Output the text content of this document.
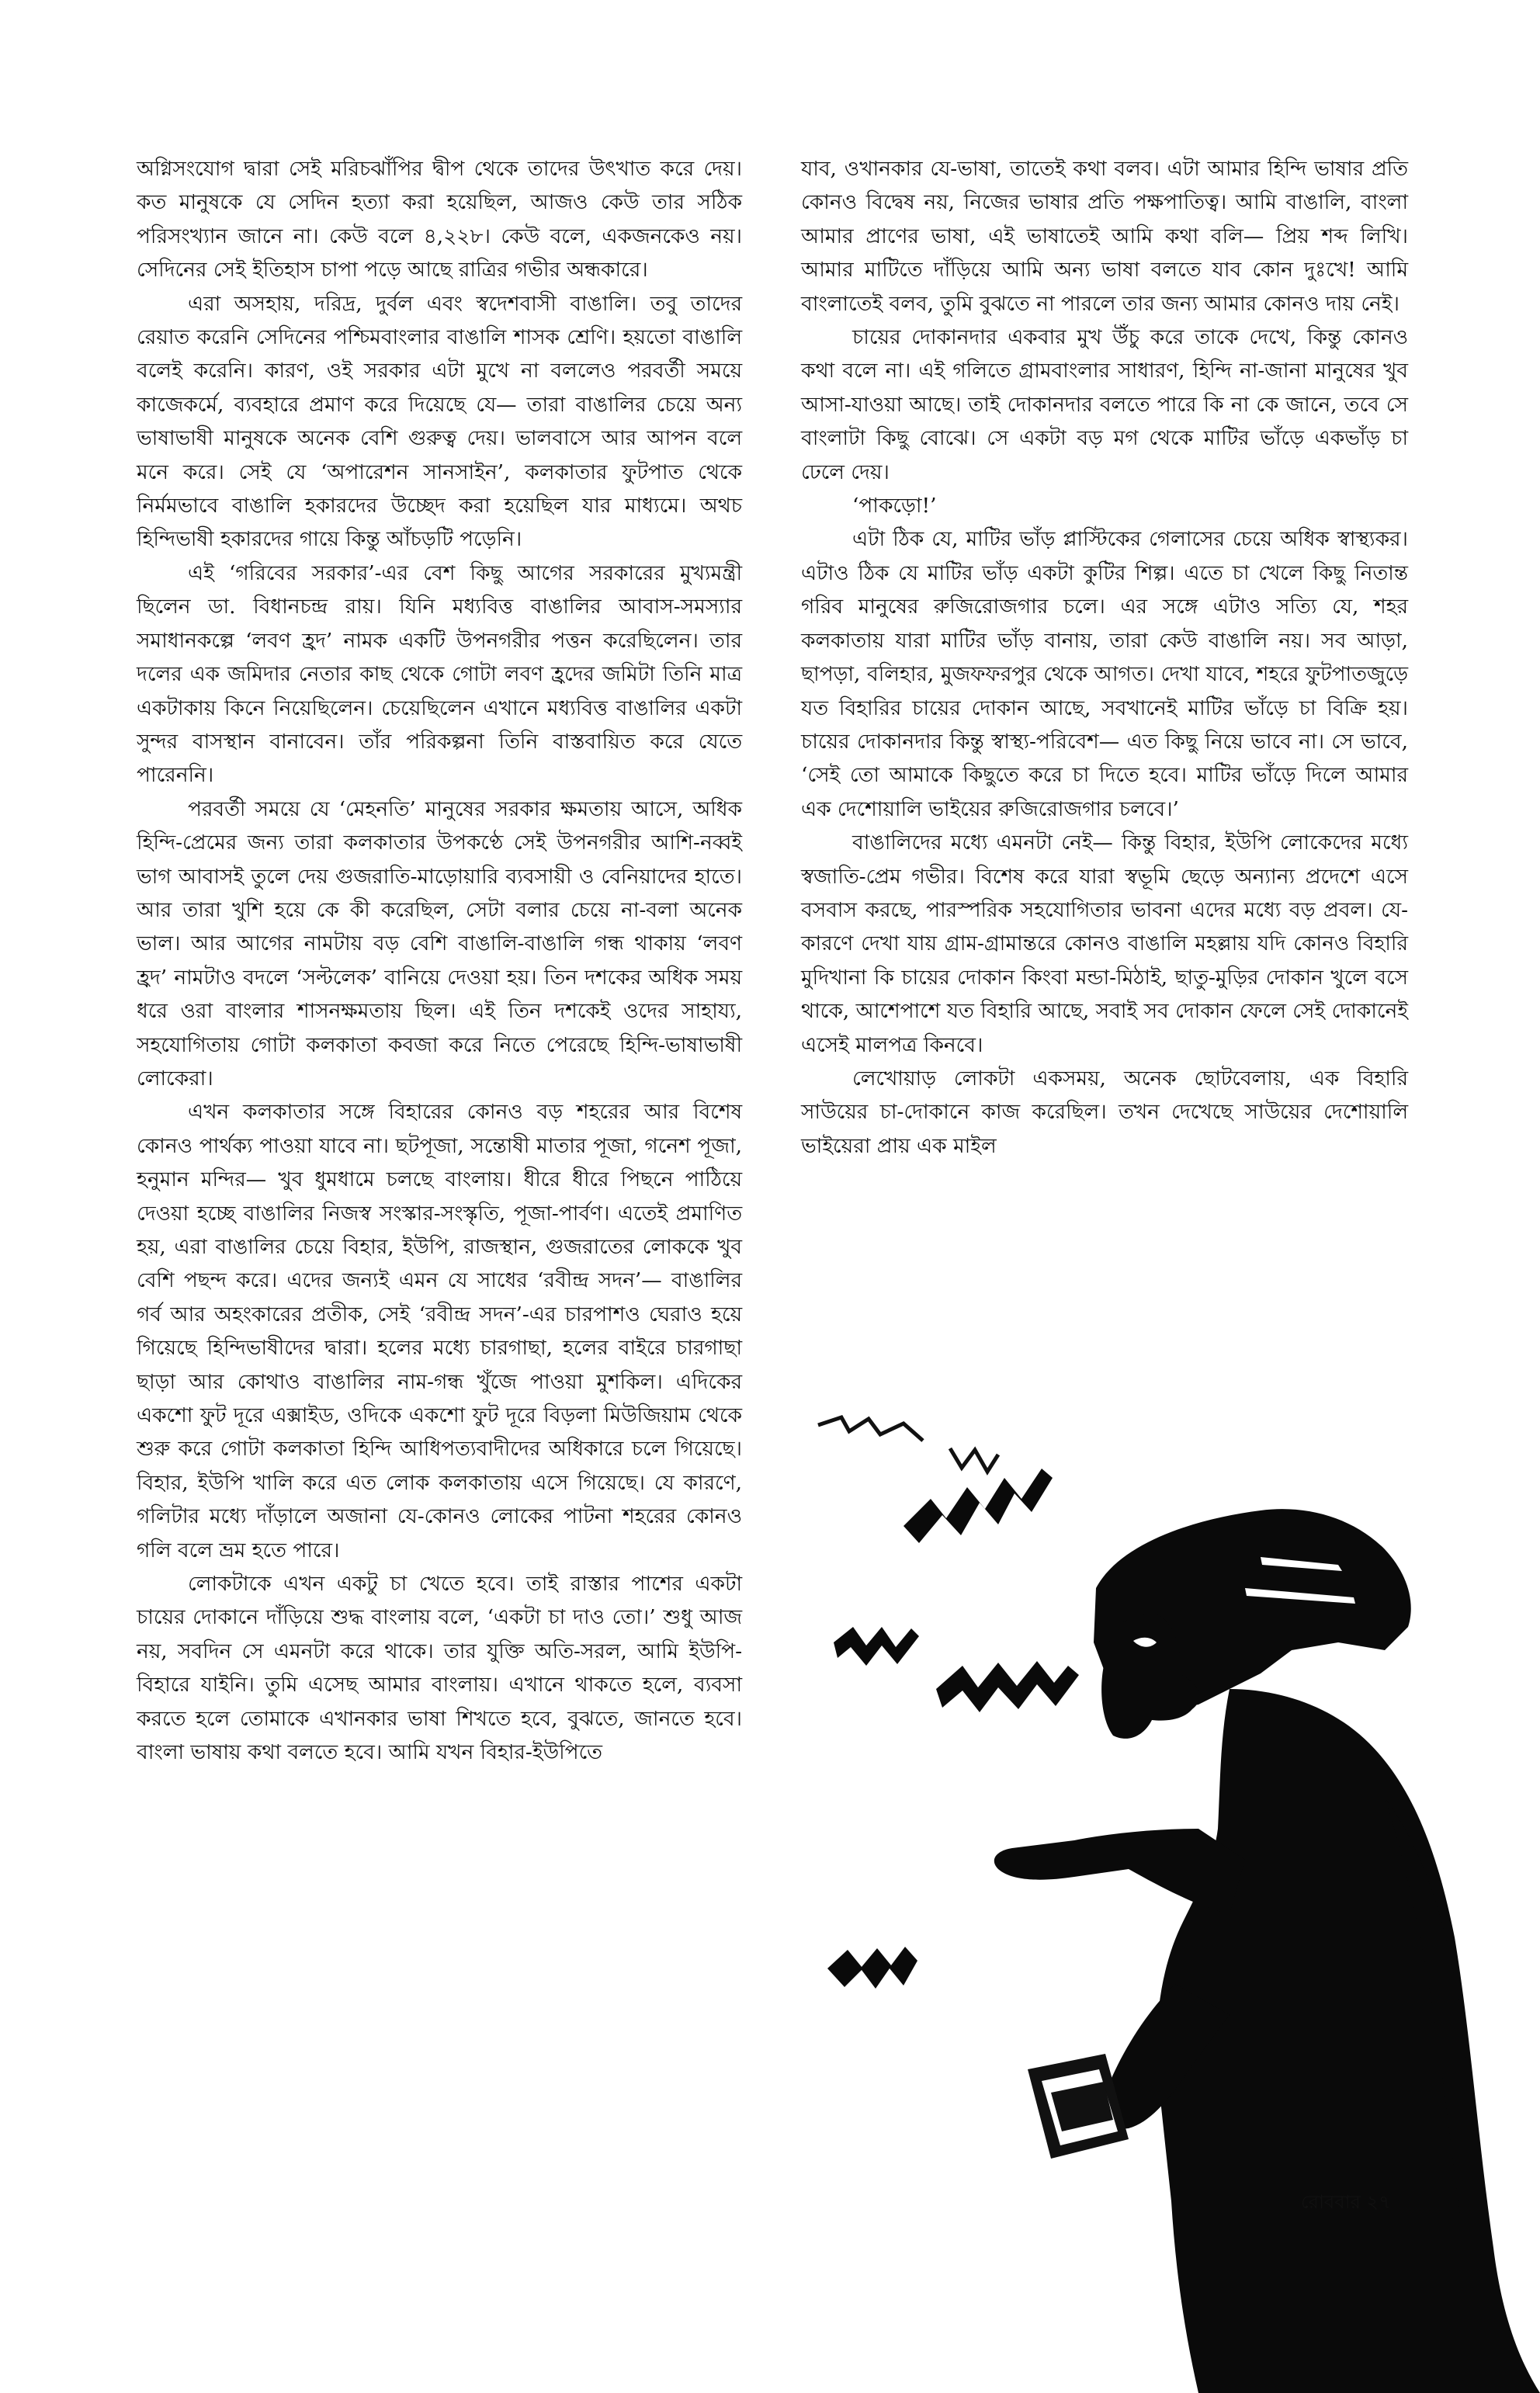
অগ্নিসংযোগ দ্বারা সেই মরিচঝাঁপির দ্বীপ থেকে তাদের উৎখাত করে দেয়। কত মানুষকে যে সেদিন হত্যা করা হয়েছিল, আজও কেউ তার সঠিক পরিসংখ্যান জানে না। কেউ বলে ৪,২২৮। কেউ বলে, একজনকেও নয়। সেদিনের সেই ইতিহাস চাপা পড়ে আছে রাত্রির গভীর অন্ধকারে।

এরা অসহায়, দরিদ্র, দুর্বল এবং স্বদেশবাসী বাঙালি। তবু তাদের রেয়াত করেনি সেদিনের পশ্চিমবাংলার বাঙালি শাসক শ্রেণি। হয়তো বাঙালি বলেই করেনি। কারণ, ওই সরকার এটা মুখে না বললেও পরবর্তী সময়ে কাজেকর্মে, ব্যবহারে প্রমাণ করে দিয়েছে যে— তারা বাঙালির চেয়ে অন্য ভাষাভাষী মানুষকে অনেক বেশি গুরুত্ব দেয়। ভালবাসে আর আপন বলে মনে করে। সেই যে ‘অপারেশন সানসাইন’, কলকাতার ফুটপাত থেকে নির্মমভাবে বাঙালি হকারদের উচ্ছেদ করা হয়েছিল যার মাধ্যমে। অথচ হিন্দিভাষী হকারদের গায়ে কিন্তু আঁচড়টি পড়েনি।

এই ‘গরিবের সরকার’-এর বেশ কিছু আগের সরকারের মুখ্যমন্ত্রী ছিলেন ডা. বিধানচন্দ্র রায়। যিনি মধ্যবিত্ত বাঙালির আবাস-সমস্যার সমাধানকল্পে ‘লবণ হ্রদ’ নামক একটি উপনগরীর পত্তন করেছিলেন। তার দলের এক জমিদার নেতার কাছ থেকে গোটা লবণ হ্রদের জমিটা তিনি মাত্র একটাকায় কিনে নিয়েছিলেন। চেয়েছিলেন এখানে মধ্যবিত্ত বাঙালির একটা সুন্দর বাসস্থান বানাবেন। তাঁর পরিকল্পনা তিনি বাস্তবায়িত করে যেতে পারেননি।

পরবর্তী সময়ে যে ‘মেহনতি’ মানুষের সরকার ক্ষমতায় আসে, অধিক হিন্দি-প্রেমের জন্য তারা কলকাতার উপকণ্ঠে সেই উপনগরীর আশি-নব্বই ভাগ আবাসই তুলে দেয় গুজরাতি-মাড়োয়ারি ব্যবসায়ী ও বেনিয়াদের হাতে। আর তারা খুশি হয়ে কে কী করেছিল, সেটা বলার চেয়ে না-বলা অনেক ভাল। আর আগের নামটায় বড় বেশি বাঙালি-বাঙালি গন্ধ থাকায় ‘লবণ হ্রদ’ নামটাও বদলে ‘সল্টলেক’ বানিয়ে দেওয়া হয়। তিন দশকের অধিক সময় ধরে ওরা বাংলার শাসনক্ষমতায় ছিল। এই তিন দশকেই ওদের সাহায্য, সহযোগিতায় গোটা কলকাতা কবজা করে নিতে পেরেছে হিন্দি-ভাষাভাষী লোকেরা।

এখন কলকাতার সঙ্গে বিহারের কোনও বড় শহরের আর বিশেষ কোনও পার্থক্য পাওয়া যাবে না। ছটপূজা, সন্তোষী মাতার পূজা, গনেশ পূজা, হনুমান মন্দির— খুব ধুমধামে চলছে বাংলায়। ধীরে ধীরে পিছনে পাঠিয়ে দেওয়া হচ্ছে বাঙালির নিজস্ব সংস্কার-সংস্কৃতি, পূজা-পার্বণ। এতেই প্রমাণিত হয়, এরা বাঙালির চেয়ে বিহার, ইউপি, রাজস্থান, গুজরাতের লোককে খুব বেশি পছন্দ করে। এদের জন্যই এমন যে সাধের ‘রবীন্দ্র সদন’— বাঙালির গর্ব আর অহংকারের প্রতীক, সেই ‘রবীন্দ্র সদন’-এর চারপাশও ঘেরাও হয়ে গিয়েছে হিন্দিভাষীদের দ্বারা। হলের মধ্যে চারগাছা, হলের বাইরে চারগাছা ছাড়া আর কোথাও বাঙালির নাম-গন্ধ খুঁজে পাওয়া মুশকিল। এদিকের একশো ফুট দূরে এক্সাইড, ওদিকে একশো ফুট দূরে বিড়লা মিউজিয়াম থেকে শুরু করে গোটা কলকাতা হিন্দি আধিপত্যবাদীদের অধিকারে চলে গিয়েছে। বিহার, ইউপি খালি করে এত লোক কলকাতায় এসে গিয়েছে। যে কারণে, গলিটার মধ্যে দাঁড়ালে অজানা যে-কোনও লোকের পাটনা শহরের কোনও গলি বলে ভ্রম হতে পারে।

লোকটাকে এখন একটু চা খেতে হবে। তাই রাস্তার পাশের একটা চায়ের দোকানে দাঁড়িয়ে শুদ্ধ বাংলায় বলে, ‘একটা চা দাও তো।’ শুধু আজ নয়, সবদিন সে এমনটা করে থাকে। তার যুক্তি অতি-সরল, আমি ইউপি-বিহারে যাইনি। তুমি এসেছ আমার বাংলায়। এখানে থাকতে হলে, ব্যবসা করতে হলে তোমাকে এখানকার ভাষা শিখতে হবে, বুঝতে, জানতে হবে। বাংলা ভাষায় কথা বলতে হবে। আমি যখন বিহার-ইউপিতে

যাব, ওখানকার যে-ভাষা, তাতেই কথা বলব। এটা আমার হিন্দি ভাষার প্রতি কোনও বিদ্বেষ নয়, নিজের ভাষার প্রতি পক্ষপাতিত্ব। আমি বাঙালি, বাংলা আমার প্রাণের ভাষা, এই ভাষাতেই আমি কথা বলি— প্রিয় শব্দ লিখি। আমার মাটিতে দাঁড়িয়ে আমি অন্য ভাষা বলতে যাব কোন দুঃখে! আমি বাংলাতেই বলব, তুমি বুঝতে না পারলে তার জন্য আমার কোনও দায় নেই।

চায়ের দোকানদার একবার মুখ উঁচু করে তাকে দেখে, কিন্তু কোনও কথা বলে না। এই গলিতে গ্রামবাংলার সাধারণ, হিন্দি না-জানা মানুষের খুব আসা-যাওয়া আছে। তাই দোকানদার বলতে পারে কি না কে জানে, তবে সে বাংলাটা কিছু বোঝে। সে একটা বড় মগ থেকে মাটির ভাঁড়ে একভাঁড় চা ঢেলে দেয়।

‘পাকড়ো!’

এটা ঠিক যে, মাটির ভাঁড় প্লাস্টিকের গেলাসের চেয়ে অধিক স্বাস্থ্যকর। এটাও ঠিক যে মাটির ভাঁড় একটা কুটির শিল্প। এতে চা খেলে কিছু নিতান্ত গরিব মানুষের রুজিরোজগার চলে। এর সঙ্গে এটাও সত্যি যে, শহর কলকাতায় যারা মাটির ভাঁড় বানায়, তারা কেউ বাঙালি নয়। সব আড়া, ছাপড়া, বলিহার, মুজফফরপুর থেকে আগত। দেখা যাবে, শহরে ফুটপাতজুড়ে যত বিহারির চায়ের দোকান আছে, সবখানেই মাটির ভাঁড়ে চা বিক্রি হয়। চায়ের দোকানদার কিন্তু স্বাস্থ্য-পরিবেশ— এত কিছু নিয়ে ভাবে না। সে ভাবে, ‘সেই তো আমাকে কিছুতে করে চা দিতে হবে। মাটির ভাঁড়ে দিলে আমার এক দেশোয়ালি ভাইয়ের রুজিরোজগার চলবে।’

বাঙালিদের মধ্যে এমনটা নেই— কিন্তু বিহার, ইউপি লোকেদের মধ্যে স্বজাতি-প্রেম গভীর। বিশেষ করে যারা স্বভূমি ছেড়ে অন্যান্য প্রদেশে এসে বসবাস করছে, পারস্পরিক সহযোগিতার ভাবনা এদের মধ্যে বড় প্রবল। যে-কারণে দেখা যায় গ্রাম-গ্রামান্তরে কোনও বাঙালি মহল্লায় যদি কোনও বিহারি মুদিখানা কি চায়ের দোকান কিংবা মন্ডা-মিঠাই, ছাতু-মুড়ির দোকান খুলে বসে থাকে, আশেপাশে যত বিহারি আছে, সবাই সব দোকান ফেলে সেই দোকানেই এসেই মালপত্র কিনবে।

লেখোয়াড় লোকটা একসময়, অনেক ছোটবেলায়, এক বিহারি সাউয়ের চা-দোকানে কাজ করেছিল। তখন দেখেছে সাউয়ের দেশোয়ালি ভাইয়েরা প্রায় এক মাইল

রোববার ২৭
